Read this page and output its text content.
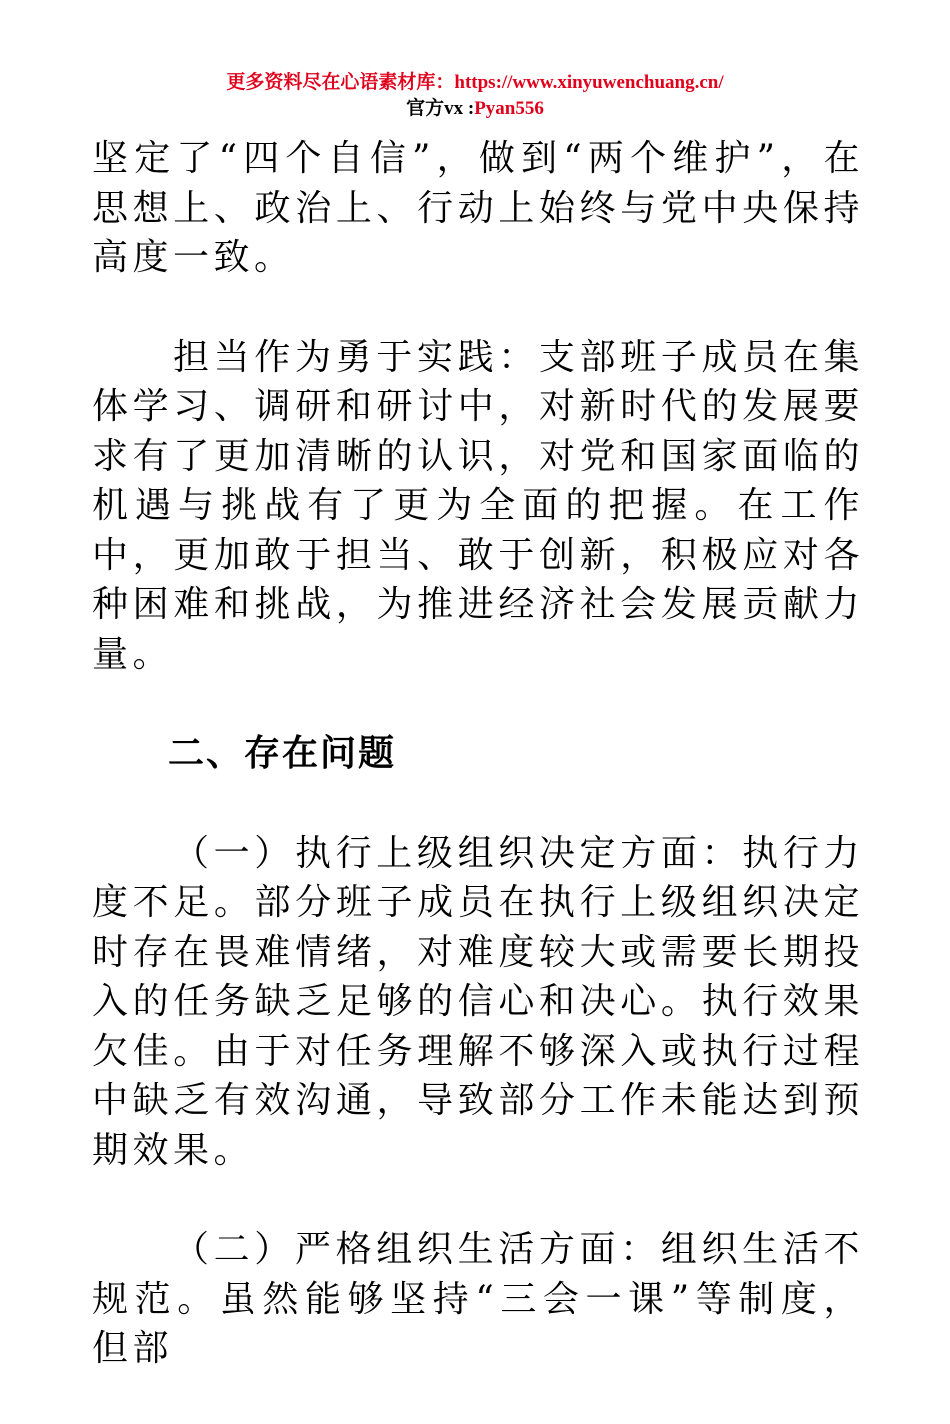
更多资料尽在心语素材库：https://www.xinyuwenchuang.cn/
官方vx :Pyan556

坚定了“四个自信”，做到“两个维护”，在思想上、政治上、行动上始终与党中央保持高度一致。

担当作为勇于实践：支部班子成员在集体学习、调研和研讨中，对新时代的发展要求有了更加清晰的认识，对党和国家面临的机遇与挑战有了更为全面的把握。在工作中，更加敢于担当、敢于创新，积极应对各种困难和挑战，为推进经济社会发展贡献力量。

二、存在问题

（一）执行上级组织决定方面：执行力度不足。部分班子成员在执行上级组织决定时存在畏难情绪，对难度较大或需要长期投入的任务缺乏足够的信心和决心。执行效果欠佳。由于对任务理解不够深入或执行过程中缺乏有效沟通，导致部分工作未能达到预期效果。

（二）严格组织生活方面：组织生活不规范。虽然能够坚持“三会一课”等制度，但部
